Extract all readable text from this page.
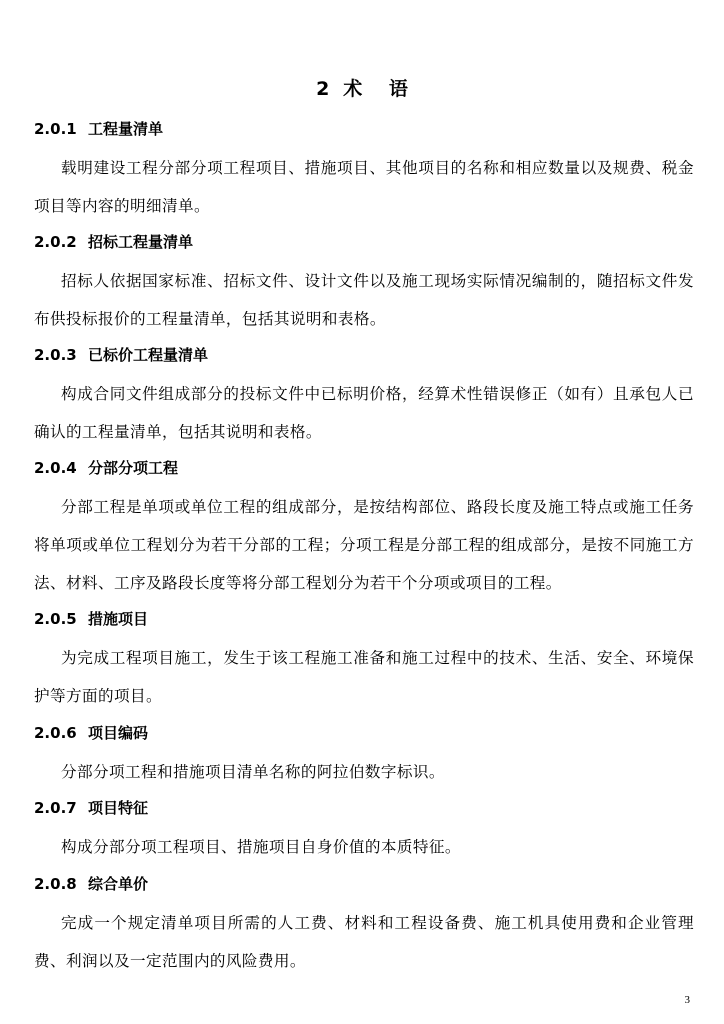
2 术 语
2.0.1 工程量清单
载明建设工程分部分项工程项目、措施项目、其他项目的名称和相应数量以及规费、税金项目等内容的明细清单。
2.0.2 招标工程量清单
招标人依据国家标准、招标文件、设计文件以及施工现场实际情况编制的，随招标文件发布供投标报价的工程量清单，包括其说明和表格。
2.0.3 已标价工程量清单
构成合同文件组成部分的投标文件中已标明价格，经算术性错误修正（如有）且承包人已确认的工程量清单，包括其说明和表格。
2.0.4 分部分项工程
分部工程是单项或单位工程的组成部分，是按结构部位、路段长度及施工特点或施工任务将单项或单位工程划分为若干分部的工程；分项工程是分部工程的组成部分，是按不同施工方法、材料、工序及路段长度等将分部工程划分为若干个分项或项目的工程。
2.0.5 措施项目
为完成工程项目施工，发生于该工程施工准备和施工过程中的技术、生活、安全、环境保护等方面的项目。
2.0.6 项目编码
分部分项工程和措施项目清单名称的阿拉伯数字标识。
2.0.7 项目特征
构成分部分项工程项目、措施项目自身价值的本质特征。
2.0.8 综合单价
完成一个规定清单项目所需的人工费、材料和工程设备费、施工机具使用费和企业管理费、利润以及一定范围内的风险费用。
3
